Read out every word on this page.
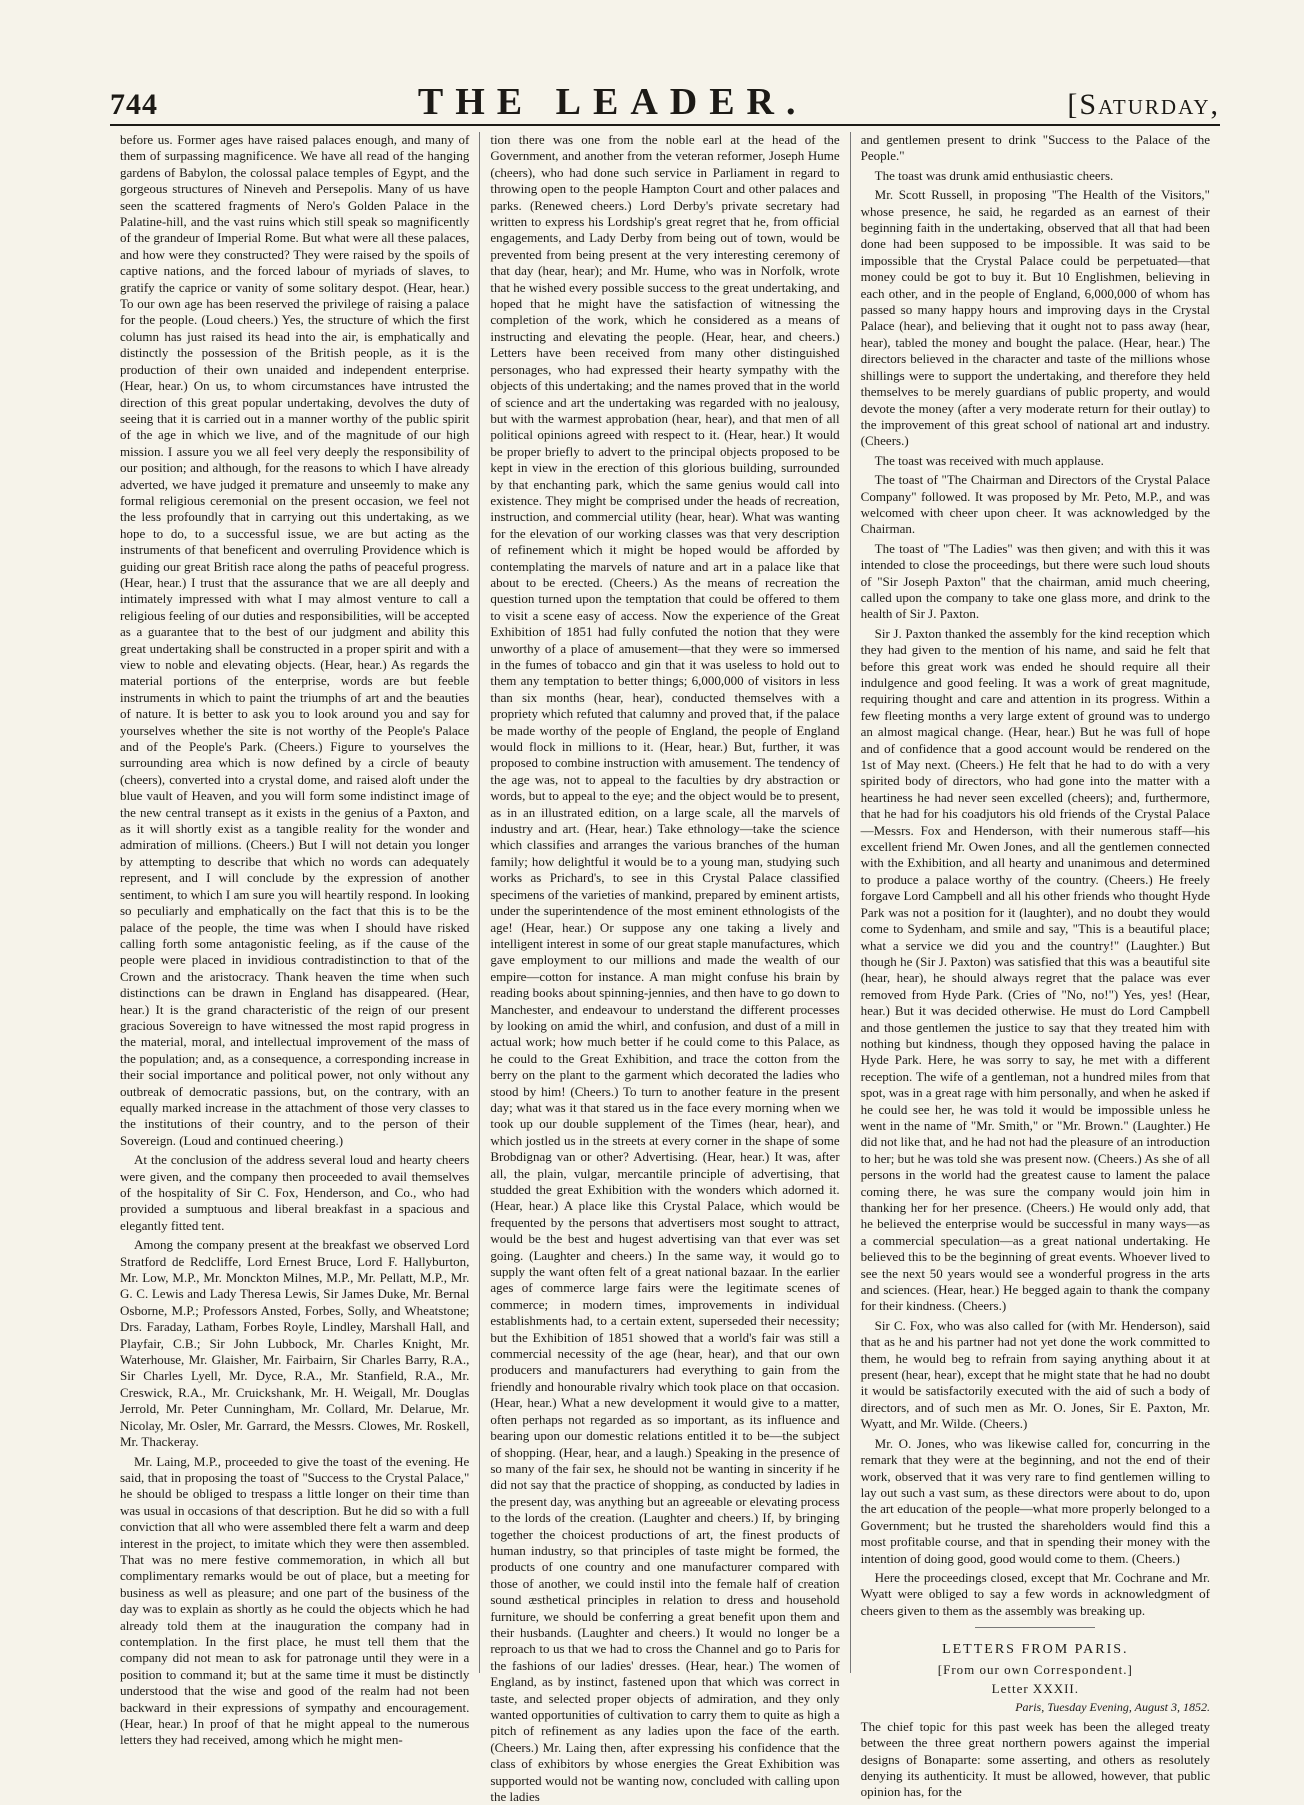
744	THE LEADER.	[Saturday,

before us. Former ages have raised palaces enough, and many of them of surpassing magnificence. We have all read of the hanging gardens of Babylon, the colossal palace temples of Egypt, and the gorgeous structures of Nineveh and Persepolis. Many of us have seen the scattered fragments of Nero's Golden Palace in the Palatine-hill, and the vast ruins which still speak so magnificently of the grandeur of Imperial Rome. But what were all these palaces, and how were they constructed? They were raised by the spoils of captive nations, and the forced labour of myriads of slaves, to gratify the caprice or vanity of some solitary despot. (Hear, hear.) To our own age has been reserved the privilege of raising a palace for the people. (Loud cheers.) Yes, the structure of which the first column has just raised its head into the air, is emphatically and distinctly the possession of the British people, as it is the production of their own unaided and independent enterprise. (Hear, hear.) On us, to whom circumstances have intrusted the direction of this great popular undertaking, devolves the duty of seeing that it is carried out in a manner worthy of the public spirit of the age in which we live, and of the magnitude of our high mission. I assure you we all feel very deeply the responsibility of our position; and although, for the reasons to which I have already adverted, we have judged it premature and unseemly to make any formal religious ceremonial on the present occasion, we feel not the less profoundly that in carrying out this undertaking, as we hope to do, to a successful issue, we are but acting as the instruments of that beneficent and overruling Providence which is guiding our great British race along the paths of peaceful progress. (Hear, hear.) I trust that the assurance that we are all deeply and intimately impressed with what I may almost venture to call a religious feeling of our duties and responsibilities, will be accepted as a guarantee that to the best of our judgment and ability this great undertaking shall be constructed in a proper spirit and with a view to noble and elevating objects. (Hear, hear.) As regards the material portions of the enterprise, words are but feeble instruments in which to paint the triumphs of art and the beauties of nature. It is better to ask you to look around you and say for yourselves whether the site is not worthy of the People's Palace and of the People's Park. (Cheers.) Figure to yourselves the surrounding area which is now defined by a circle of beauty (cheers), converted into a crystal dome, and raised aloft under the blue vault of Heaven, and you will form some indistinct image of the new central transept as it exists in the genius of a Paxton, and as it will shortly exist as a tangible reality for the wonder and admiration of millions. (Cheers.) But I will not detain you longer by attempting to describe that which no words can adequately represent, and I will conclude by the expression of another sentiment, to which I am sure you will heartily respond. In looking so peculiarly and emphatically on the fact that this is to be the palace of the people, the time was when I should have risked calling forth some antagonistic feeling, as if the cause of the people were placed in invidious contradistinction to that of the Crown and the aristocracy. Thank heaven the time when such distinctions can be drawn in England has disappeared. (Hear, hear.) It is the grand characteristic of the reign of our present gracious Sovereign to have witnessed the most rapid progress in the material, moral, and intellectual improvement of the mass of the population; and, as a consequence, a corresponding increase in their social importance and political power, not only without any outbreak of democratic passions, but, on the contrary, with an equally marked increase in the attachment of those very classes to the institutions of their country, and to the person of their Sovereign. (Loud and continued cheering.)

At the conclusion of the address several loud and hearty cheers were given, and the company then proceeded to avail themselves of the hospitality of Sir C. Fox, Henderson, and Co., who had provided a sumptuous and liberal breakfast in a spacious and elegantly fitted tent.

Among the company present at the breakfast we observed Lord Stratford de Redcliffe, Lord Ernest Bruce, Lord F. Hallyburton, Mr. Low, M.P., Mr. Monckton Milnes, M.P., Mr. Pellatt, M.P., Mr. G. C. Lewis and Lady Theresa Lewis, Sir James Duke, Mr. Bernal Osborne, M.P.; Professors Ansted, Forbes, Solly, and Wheatstone; Drs. Faraday, Latham, Forbes Royle, Lindley, Marshall Hall, and Playfair, C.B.; Sir John Lubbock, Mr. Charles Knight, Mr. Waterhouse, Mr. Glaisher, Mr. Fairbairn, Sir Charles Barry, R.A., Sir Charles Lyell, Mr. Dyce, R.A., Mr. Stanfield, R.A., Mr. Creswick, R.A., Mr. Cruickshank, Mr. H. Weigall, Mr. Douglas Jerrold, Mr. Peter Cunningham, Mr. Collard, Mr. Delarue, Mr. Nicolay, Mr. Osler, Mr. Garrard, the Messrs. Clowes, Mr. Roskell, Mr. Thackeray.

Mr. Laing, M.P., proceeded to give the toast of the evening. He said, that in proposing the toast of "Success to the Crystal Palace," he should be obliged to trespass a little longer on their time than was usual in occasions of that description. But he did so with a full conviction that all who were assembled there felt a warm and deep interest in the project, to imitate which they were then assembled. That was no mere festive commemoration, in which all but complimentary remarks would be out of place, but a meeting for business as well as pleasure; and one part of the business of the day was to explain as shortly as he could the objects which he had already told them at the inauguration the company had in contemplation. In the first place, he must tell them that the company did not mean to ask for patronage until they were in a position to command it; but at the same time it must be distinctly understood that the wise and good of the realm had not been backward in their expressions of sympathy and encouragement. (Hear, hear.) In proof of that he might appeal to the numerous letters they had received, among which he might men-

tion there was one from the noble earl at the head of the Government, and another from the veteran reformer, Joseph Hume (cheers), who had done such service in Parliament in regard to throwing open to the people Hampton Court and other palaces and parks. (Renewed cheers.) Lord Derby's private secretary had written to express his Lordship's great regret that he, from official engagements, and Lady Derby from being out of town, would be prevented from being present at the very interesting ceremony of that day (hear, hear); and Mr. Hume, who was in Norfolk, wrote that he wished every possible success to the great undertaking, and hoped that he might have the satisfaction of witnessing the completion of the work, which he considered as a means of instructing and elevating the people. (Hear, hear, and cheers.) Letters have been received from many other distinguished personages, who had expressed their hearty sympathy with the objects of this undertaking; and the names proved that in the world of science and art the undertaking was regarded with no jealousy, but with the warmest approbation (hear, hear), and that men of all political opinions agreed with respect to it. (Hear, hear.) It would be proper briefly to advert to the principal objects proposed to be kept in view in the erection of this glorious building, surrounded by that enchanting park, which the same genius would call into existence. They might be comprised under the heads of recreation, instruction, and commercial utility (hear, hear). What was wanting for the elevation of our working classes was that very description of refinement which it might be hoped would be afforded by contemplating the marvels of nature and art in a palace like that about to be erected. (Cheers.) As the means of recreation the question turned upon the temptation that could be offered to them to visit a scene easy of access. Now the experience of the Great Exhibition of 1851 had fully confuted the notion that they were unworthy of a place of amusement—that they were so immersed in the fumes of tobacco and gin that it was useless to hold out to them any temptation to better things; 6,000,000 of visitors in less than six months (hear, hear), conducted themselves with a propriety which refuted that calumny and proved that, if the palace be made worthy of the people of England, the people of England would flock in millions to it. (Hear, hear.) But, further, it was proposed to combine instruction with amusement. The tendency of the age was, not to appeal to the faculties by dry abstraction or words, but to appeal to the eye; and the object would be to present, as in an illustrated edition, on a large scale, all the marvels of industry and art. (Hear, hear.) Take ethnology—take the science which classifies and arranges the various branches of the human family; how delightful it would be to a young man, studying such works as Prichard's, to see in this Crystal Palace classified specimens of the varieties of mankind, prepared by eminent artists, under the superintendence of the most eminent ethnologists of the age! (Hear, hear.) Or suppose any one taking a lively and intelligent interest in some of our great staple manufactures, which gave employment to our millions and made the wealth of our empire—cotton for instance. A man might confuse his brain by reading books about spinning-jennies, and then have to go down to Manchester, and endeavour to understand the different processes by looking on amid the whirl, and confusion, and dust of a mill in actual work; how much better if he could come to this Palace, as he could to the Great Exhibition, and trace the cotton from the berry on the plant to the garment which decorated the ladies who stood by him! (Cheers.) To turn to another feature in the present day; what was it that stared us in the face every morning when we took up our double supplement of the Times (hear, hear), and which jostled us in the streets at every corner in the shape of some Brobdignag van or other? Advertising. (Hear, hear.) It was, after all, the plain, vulgar, mercantile principle of advertising, that studded the great Exhibition with the wonders which adorned it. (Hear, hear.) A place like this Crystal Palace, which would be frequented by the persons that advertisers most sought to attract, would be the best and hugest advertising van that ever was set going. (Laughter and cheers.) In the same way, it would go to supply the want often felt of a great national bazaar. In the earlier ages of commerce large fairs were the legitimate scenes of commerce; in modern times, improvements in individual establishments had, to a certain extent, superseded their necessity; but the Exhibition of 1851 showed that a world's fair was still a commercial necessity of the age (hear, hear), and that our own producers and manufacturers had everything to gain from the friendly and honourable rivalry which took place on that occasion. (Hear, hear.) What a new development it would give to a matter, often perhaps not regarded as so important, as its influence and bearing upon our domestic relations entitled it to be—the subject of shopping. (Hear, hear, and a laugh.) Speaking in the presence of so many of the fair sex, he should not be wanting in sincerity if he did not say that the practice of shopping, as conducted by ladies in the present day, was anything but an agreeable or elevating process to the lords of the creation. (Laughter and cheers.) If, by bringing together the choicest productions of art, the finest products of human industry, so that principles of taste might be formed, the products of one country and one manufacturer compared with those of another, we could instil into the female half of creation sound æsthetical principles in relation to dress and household furniture, we should be conferring a great benefit upon them and their husbands. (Laughter and cheers.) It would no longer be a reproach to us that we had to cross the Channel and go to Paris for the fashions of our ladies' dresses. (Hear, hear.) The women of England, as by instinct, fastened upon that which was correct in taste, and selected proper objects of admiration, and they only wanted opportunities of cultivation to carry them to quite as high a pitch of refinement as any ladies upon the face of the earth. (Cheers.) Mr. Laing then, after expressing his confidence that the class of exhibitors by whose energies the Great Exhibition was supported would not be wanting now, concluded with calling upon the ladies

and gentlemen present to drink "Success to the Palace of the People."

The toast was drunk amid enthusiastic cheers.

Mr. Scott Russell, in proposing "The Health of the Visitors," whose presence, he said, he regarded as an earnest of their beginning faith in the undertaking, observed that all that had been done had been supposed to be impossible. It was said to be impossible that the Crystal Palace could be perpetuated—that money could be got to buy it. But 10 Englishmen, believing in each other, and in the people of England, 6,000,000 of whom has passed so many happy hours and improving days in the Crystal Palace (hear), and believing that it ought not to pass away (hear, hear), tabled the money and bought the palace. (Hear, hear.) The directors believed in the character and taste of the millions whose shillings were to support the undertaking, and therefore they held themselves to be merely guardians of public property, and would devote the money (after a very moderate return for their outlay) to the improvement of this great school of national art and industry. (Cheers.)

The toast was received with much applause.

The toast of "The Chairman and Directors of the Crystal Palace Company" followed. It was proposed by Mr. Peto, M.P., and was welcomed with cheer upon cheer. It was acknowledged by the Chairman.

The toast of "The Ladies" was then given; and with this it was intended to close the proceedings, but there were such loud shouts of "Sir Joseph Paxton" that the chairman, amid much cheering, called upon the company to take one glass more, and drink to the health of Sir J. Paxton.

Sir J. Paxton thanked the assembly for the kind reception which they had given to the mention of his name, and said he felt that before this great work was ended he should require all their indulgence and good feeling. It was a work of great magnitude, requiring thought and care and attention in its progress. Within a few fleeting months a very large extent of ground was to undergo an almost magical change. (Hear, hear.) But he was full of hope and of confidence that a good account would be rendered on the 1st of May next. (Cheers.) He felt that he had to do with a very spirited body of directors, who had gone into the matter with a heartiness he had never seen excelled (cheers); and, furthermore, that he had for his coadjutors his old friends of the Crystal Palace—Messrs. Fox and Henderson, with their numerous staff—his excellent friend Mr. Owen Jones, and all the gentlemen connected with the Exhibition, and all hearty and unanimous and determined to produce a palace worthy of the country. (Cheers.) He freely forgave Lord Campbell and all his other friends who thought Hyde Park was not a position for it (laughter), and no doubt they would come to Sydenham, and smile and say, "This is a beautiful place; what a service we did you and the country!" (Laughter.) But though he (Sir J. Paxton) was satisfied that this was a beautiful site (hear, hear), he should always regret that the palace was ever removed from Hyde Park. (Cries of "No, no!") Yes, yes! (Hear, hear.) But it was decided otherwise. He must do Lord Campbell and those gentlemen the justice to say that they treated him with nothing but kindness, though they opposed having the palace in Hyde Park. Here, he was sorry to say, he met with a different reception. The wife of a gentleman, not a hundred miles from that spot, was in a great rage with him personally, and when he asked if he could see her, he was told it would be impossible unless he went in the name of "Mr. Smith," or "Mr. Brown." (Laughter.) He did not like that, and he had not had the pleasure of an introduction to her; but he was told she was present now. (Cheers.) As she of all persons in the world had the greatest cause to lament the palace coming there, he was sure the company would join him in thanking her for her presence. (Cheers.) He would only add, that he believed the enterprise would be successful in many ways—as a commercial speculation—as a great national undertaking. He believed this to be the beginning of great events. Whoever lived to see the next 50 years would see a wonderful progress in the arts and sciences. (Hear, hear.) He begged again to thank the company for their kindness. (Cheers.)

Sir C. Fox, who was also called for (with Mr. Henderson), said that as he and his partner had not yet done the work committed to them, he would beg to refrain from saying anything about it at present (hear, hear), except that he might state that he had no doubt it would be satisfactorily executed with the aid of such a body of directors, and of such men as Mr. O. Jones, Sir E. Paxton, Mr. Wyatt, and Mr. Wilde. (Cheers.)

Mr. O. Jones, who was likewise called for, concurring in the remark that they were at the beginning, and not the end of their work, observed that it was very rare to find gentlemen willing to lay out such a vast sum, as these directors were about to do, upon the art education of the people—what more properly belonged to a Government; but he trusted the shareholders would find this a most profitable course, and that in spending their money with the intention of doing good, good would come to them. (Cheers.)

Here the proceedings closed, except that Mr. Cochrane and Mr. Wyatt were obliged to say a few words in acknowledgment of cheers given to them as the assembly was breaking up.

LETTERS FROM PARIS.
[From our own Correspondent.]
Letter XXXII.
Paris, Tuesday Evening, August 3, 1852.

The chief topic for this past week has been the alleged treaty between the three great northern powers against the imperial designs of Bonaparte: some asserting, and others as resolutely denying its authenticity. It must be allowed, however, that public opinion has, for the
